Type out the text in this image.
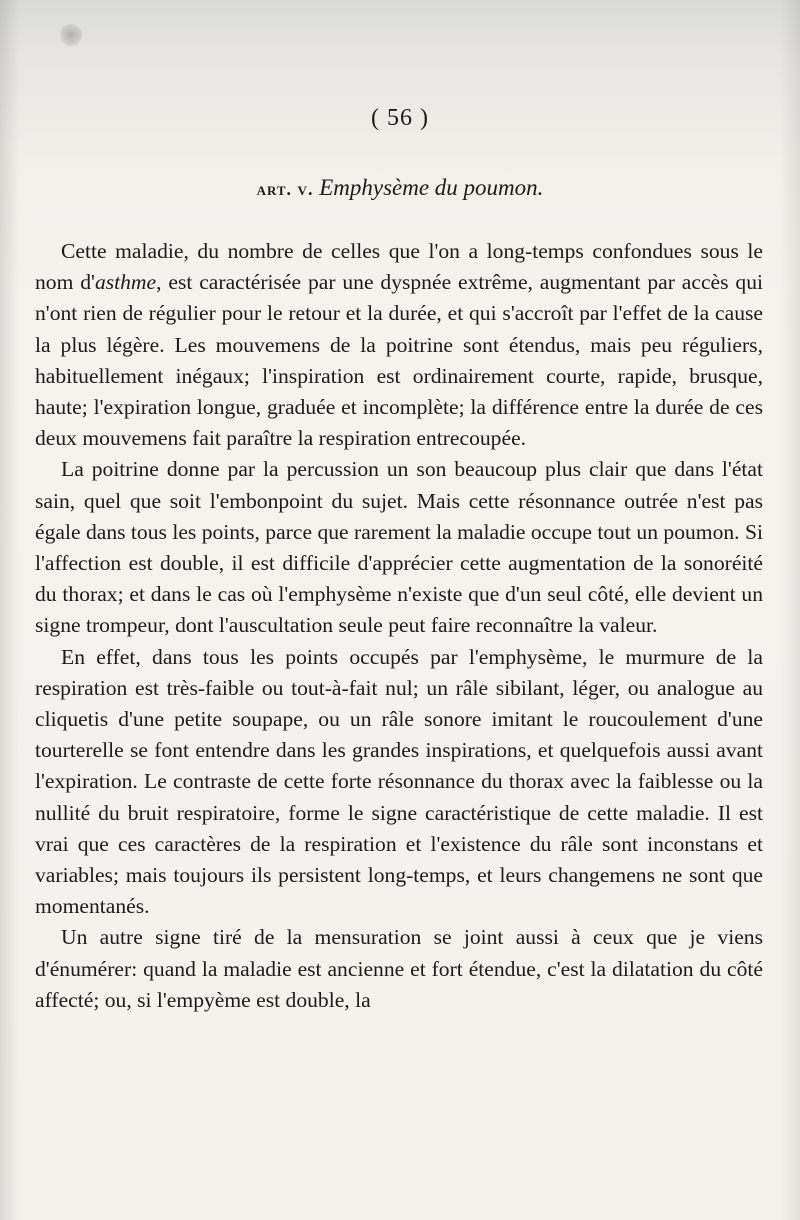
( 56 )
art. v. Emphysème du poumon.

Cette maladie, du nombre de celles que l'on a long-temps confondues sous le nom d'asthme, est caractérisée par une dyspnée extrême, augmentant par accès qui n'ont rien de régulier pour le retour et la durée, et qui s'accroît par l'effet de la cause la plus légère. Les mouvemens de la poitrine sont étendus, mais peu réguliers, habituellement inégaux; l'inspiration est ordinairement courte, rapide, brusque, haute; l'expiration longue, graduée et incomplète; la différence entre la durée de ces deux mouvemens fait paraître la respiration entrecoupée.

La poitrine donne par la percussion un son beaucoup plus clair que dans l'état sain, quel que soit l'embonpoint du sujet. Mais cette résonnance outrée n'est pas égale dans tous les points, parce que rarement la maladie occupe tout un poumon. Si l'affection est double, il est difficile d'apprécier cette augmentation de la sonoréité du thorax; et dans le cas où l'emphysème n'existe que d'un seul côté, elle devient un signe trompeur, dont l'auscultation seule peut faire reconnaître la valeur.

En effet, dans tous les points occupés par l'emphysème, le murmure de la respiration est très-faible ou tout-à-fait nul; un râle sibilant, léger, ou analogue au cliquetis d'une petite soupape, ou un râle sonore imitant le roucoulement d'une tourterelle se font entendre dans les grandes inspirations, et quelquefois aussi avant l'expiration. Le contraste de cette forte résonnance du thorax avec la faiblesse ou la nullité du bruit respiratoire, forme le signe caractéristique de cette maladie. Il est vrai que ces caractères de la respiration et l'existence du râle sont inconstans et variables; mais toujours ils persistent long-temps, et leurs changemens ne sont que momentanés.

Un autre signe tiré de la mensuration se joint aussi à ceux que je viens d'énumérer: quand la maladie est ancienne et fort étendue, c'est la dilatation du côté affecté; ou, si l'empyème est double, la
